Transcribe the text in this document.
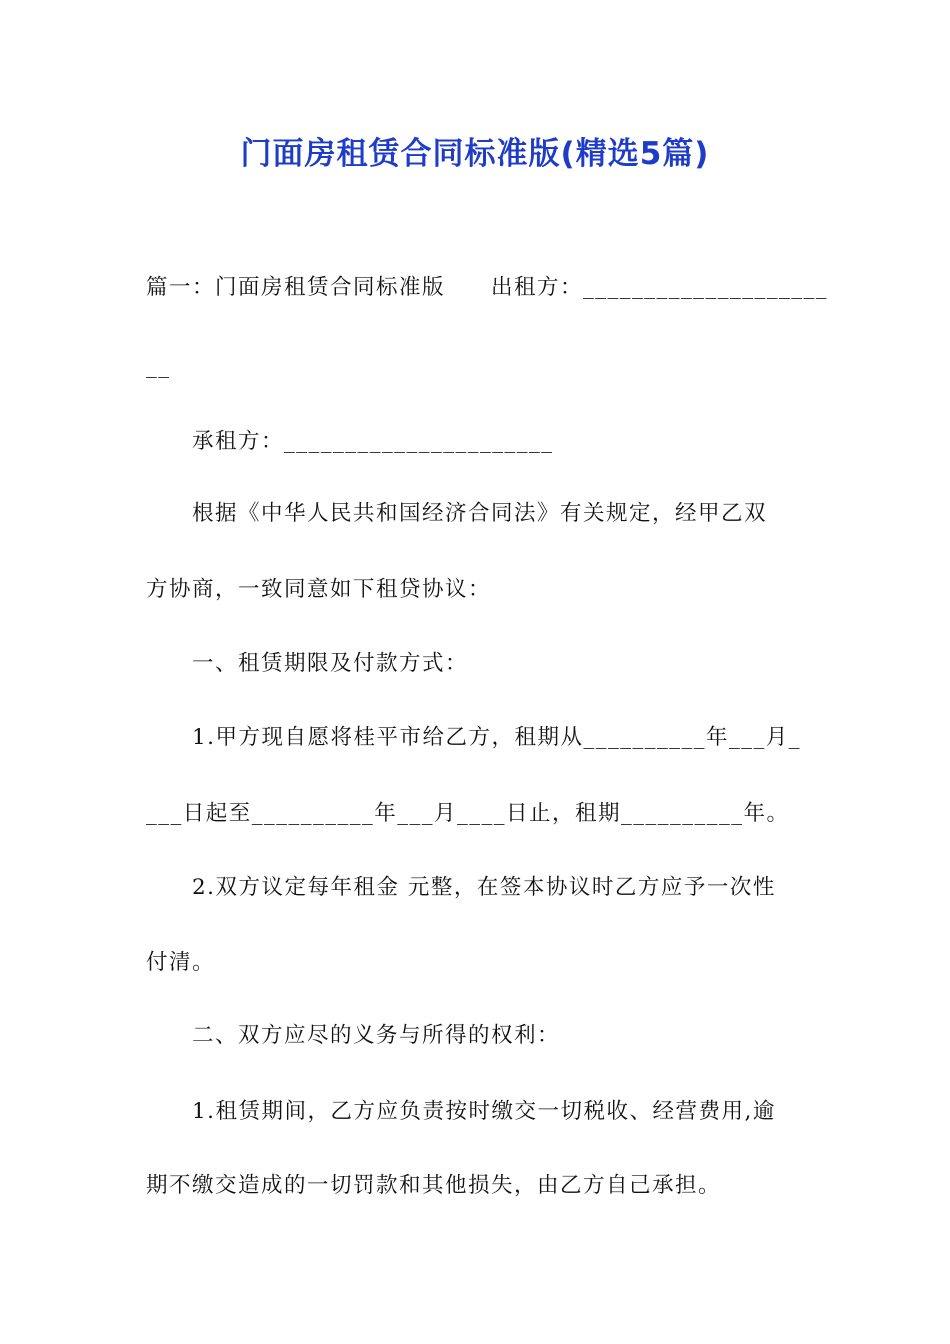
门面房租赁合同标准版(精选5篇)
篇一：门面房租赁合同标准版　　出租方：____________________
__
承租方：______________________
根据《中华人民共和国经济合同法》有关规定，经甲乙双
方协商，一致同意如下租贷协议：
一、租赁期限及付款方式：
1.甲方现自愿将桂平市给乙方，租期从__________年___月_
___日起至__________年___月____日止，租期__________年。
2.双方议定每年租金 元整，在签本协议时乙方应予一次性
付清。
二、双方应尽的义务与所得的权利：
1.租赁期间，乙方应负责按时缴交一切税收、经营费用,逾
期不缴交造成的一切罚款和其他损失，由乙方自己承担。
